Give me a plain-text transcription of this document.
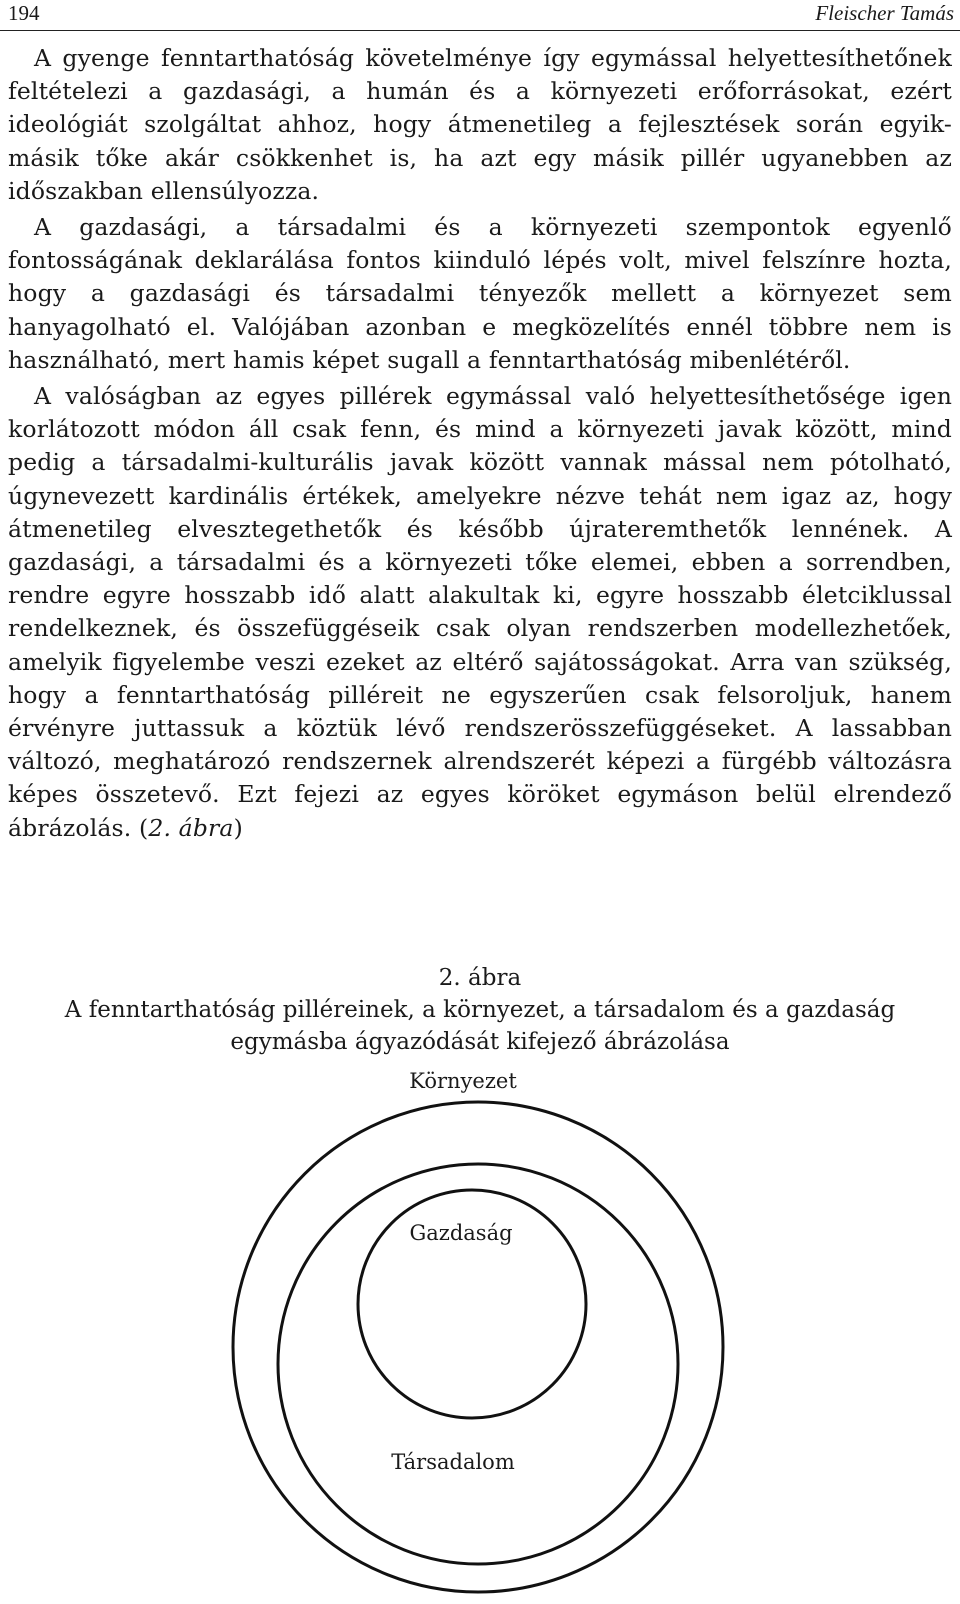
194	Fleischer Tamás

A gyenge fenntarthatóság követelménye így egymással helyettesíthetőnek feltételezi a gazdasági, a humán és a környezeti erőforrásokat, ezért ideológiát szolgáltat ahhoz, hogy átmenetileg a fejlesztések során egyik-másik tőke akár csökkenhet is, ha azt egy másik pillér ugyanebben az időszakban ellensúlyozza.

A gazdasági, a társadalmi és a környezeti szempontok egyenlő fontosságának deklarálása fontos kiinduló lépés volt, mivel felszínre hozta, hogy a gazdasági és társadalmi tényezők mellett a környezet sem hanyagolható el. Valójában azonban e megközelítés ennél többre nem is használható, mert hamis képet sugall a fenntarthatóság mibenlétéről.

A valóságban az egyes pillérek egymással való helyettesíthetősége igen korlátozott módon áll csak fenn, és mind a környezeti javak között, mind pedig a társadalmi-kulturális javak között vannak mással nem pótolható, úgynevezett kardinális értékek, amelyekre nézve tehát nem igaz az, hogy átmenetileg elvesztegethetők és később újrateremthetők lennének. A gazdasági, a társadalmi és a környezeti tőke elemei, ebben a sorrendben, rendre egyre hosszabb idő alatt alakultak ki, egyre hosszabb életciklussal rendelkeznek, és összefüggéseik csak olyan rendszerben modellezhetőek, amelyik figyelembe veszi ezeket az eltérő sajátosságokat. Arra van szükség, hogy a fenntarthatóság pilléreit ne egyszerűen csak felsoroljuk, hanem érvényre juttassuk a köztük lévő rendszerösszefüggéseket. A lassabban változó, meghatározó rendszernek alrendszerét képezi a fürgébb változásra képes összetevő. Ezt fejezi az egyes köröket egymáson belül elrendező ábrázolás. (2. ábra)

2. ábra
A fenntarthatóság pilléreinek, a környezet, a társadalom és a gazdaság
egymásba ágyazódását kifejező ábrázolása
Környezet
Gazdaság
Társadalom
